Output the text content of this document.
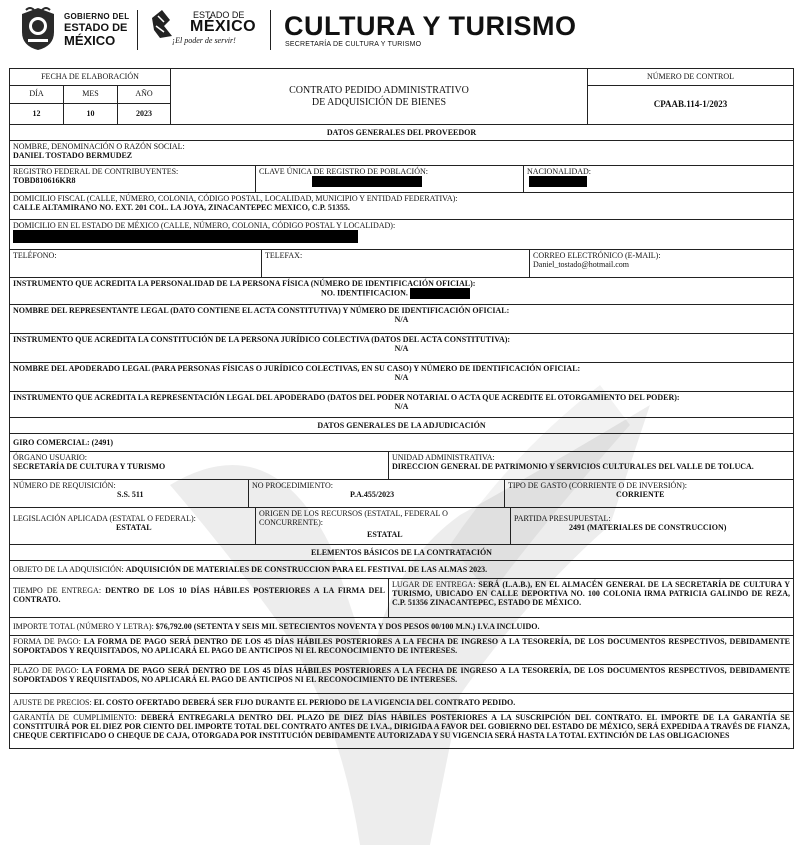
GOBIERNO DEL
ESTADO DE
MÉXICO
ESTADO DE
MÉXICO
¡El poder de servir! CULTURA Y TURISMO
SECRETARÍA DE CULTURA Y TURISMO
FECHA DE ELABORACIÓN
DÍA	MES	AÑO
12	10	2023
CONTRATO PEDIDO ADMINISTRATIVO
DE ADQUISICIÓN DE BIENES
NÚMERO DE CONTROL
CPAAB.114-1/2023
DATOS GENERALES DEL PROVEEDOR
NOMBRE, DENOMINACIÓN O RAZÓN SOCIAL:
DANIEL TOSTADO BERMUDEZ
REGISTRO FEDERAL DE CONTRIBUYENTES:
TOBD810616KR8
CLAVE ÚNICA DE REGISTRO DE POBLACIÓN:	NACIONALIDAD:
DOMICILIO FISCAL (CALLE, NÚMERO, COLONIA, CÓDIGO POSTAL, LOCALIDAD, MUNICIPIO Y ENTIDAD FEDERATIVA):
CALLE ALTAMIRANO NO. EXT. 201 COL. LA JOYA, ZINACANTEPEC MEXICO, C.P. 51355.
DOMICILIO EN EL ESTADO DE MÉXICO (CALLE, NÚMERO, COLONIA, CÓDIGO POSTAL Y LOCALIDAD):
TELÉFONO:	TELEFAX:	CORREO ELECTRÓNICO (E-MAIL):
Daniel_tostado@hotmail.com
INSTRUMENTO QUE ACREDITA LA PERSONALIDAD DE LA PERSONA FÍSICA (NÚMERO DE IDENTIFICACIÓN OFICIAL):
NO. IDENTIFICACION.
NOMBRE DEL REPRESENTANTE LEGAL (DATO CONTIENE EL ACTA CONSTITUTIVA) Y NÚMERO DE IDENTIFICACIÓN OFICIAL:
N/A
INSTRUMENTO QUE ACREDITA LA CONSTITUCIÓN DE LA PERSONA JURÍDICO COLECTIVA (DATOS DEL ACTA CONSTITUTIVA):
N/A
NOMBRE DEL APODERADO LEGAL (PARA PERSONAS FÍSICAS O JURÍDICO COLECTIVAS, EN SU CASO) Y NÚMERO DE IDENTIFICACIÓN OFICIAL:
N/A
INSTRUMENTO QUE ACREDITA LA REPRESENTACIÓN LEGAL DEL APODERADO (DATOS DEL PODER NOTARIAL O ACTA QUE ACREDITE EL OTORGAMIENTO DEL PODER):
N/A
DATOS GENERALES DE LA ADJUDICACIÓN
GIRO COMERCIAL: (2491)
ÓRGANO USUARIO:
SECRETARÍA DE CULTURA Y TURISMO
UNIDAD ADMINISTRATIVA:
DIRECCION GENERAL DE PATRIMONIO Y SERVICIOS CULTURALES DEL VALLE DE TOLUCA.
NÚMERO DE REQUISICIÓN:
S.S. 511
NO PROCEDIMIENTO:
P.A.455/2023
TIPO DE GASTO (CORRIENTE O DE INVERSIÓN):
CORRIENTE
LEGISLACIÓN APLICADA (ESTATAL O FEDERAL):
ESTATAL
ORIGEN DE LOS RECURSOS (ESTATAL, FEDERAL O CONCURRENTE):
ESTATAL
PARTIDA PRESUPUESTAL:
2491 (MATERIALES DE CONSTRUCCION)
ELEMENTOS BÁSICOS DE LA CONTRATACIÓN
OBJETO DE LA ADQUISICIÓN: ADQUISICIÓN DE MATERIALES DE CONSTRUCCION PARA EL FESTIVAL DE LAS ALMAS 2023.
TIEMPO DE ENTREGA: DENTRO DE LOS 10 DÍAS HÁBILES POSTERIORES A LA FIRMA DEL CONTRATO.
LUGAR DE ENTREGA: SERÁ (L.A.B.), EN EL ALMACÉN GENERAL DE LA SECRETARÍA DE CULTURA Y TURISMO, UBICADO EN CALLE DEPORTIVA NO. 100 COLONIA IRMA PATRICIA GALINDO DE REZA, C.P. 51356 ZINACANTEPEC, ESTADO DE MÉXICO.
IMPORTE TOTAL (NÚMERO Y LETRA): $76,792.00 (SETENTA Y SEIS MIL SETECIENTOS NOVENTA Y DOS PESOS 00/100 M.N.) I.V.A INCLUIDO.
FORMA DE PAGO: LA FORMA DE PAGO SERÁ DENTRO DE LOS 45 DÍAS HÁBILES POSTERIORES A LA FECHA DE INGRESO A LA TESORERÍA, DE LOS DOCUMENTOS RESPECTIVOS, DEBIDAMENTE SOPORTADOS Y REQUISITADOS, NO APLICARÁ EL PAGO DE ANTICIPOS NI EL RECONOCIMIENTO DE INTERESES.
PLAZO DE PAGO: LA FORMA DE PAGO SERÁ DENTRO DE LOS 45 DÍAS HÁBILES POSTERIORES A LA FECHA DE INGRESO A LA TESORERÍA, DE LOS DOCUMENTOS RESPECTIVOS, DEBIDAMENTE SOPORTADOS Y REQUISITADOS, NO APLICARÁ EL PAGO DE ANTICIPOS NI EL RECONOCIMIENTO DE INTERESES.
AJUSTE DE PRECIOS: EL COSTO OFERTADO DEBERÁ SER FIJO DURANTE EL PERIODO DE LA VIGENCIA DEL CONTRATO PEDIDO.
GARANTÍA DE CUMPLIMIENTO: DEBERÁ ENTREGARLA DENTRO DEL PLAZO DE DIEZ DÍAS HÁBILES POSTERIORES A LA SUSCRIPCIÓN DEL CONTRATO. EL IMPORTE DE LA GARANTÍA SE CONSTITUIRÁ POR EL DIEZ POR CIENTO DEL IMPORTE TOTAL DEL CONTRATO ANTES DE I.V.A., DIRIGIDA A FAVOR DEL GOBIERNO DEL ESTADO DE MÉXICO, SERÁ EXPEDIDA A TRAVÉS DE FIANZA, CHEQUE CERTIFICADO O CHEQUE DE CAJA, OTORGADA POR INSTITUCIÓN DEBIDAMENTE AUTORIZADA Y SU VIGENCIA SERÁ HASTA LA TOTAL EXTINCIÓN DE LAS OBLIGACIONES
